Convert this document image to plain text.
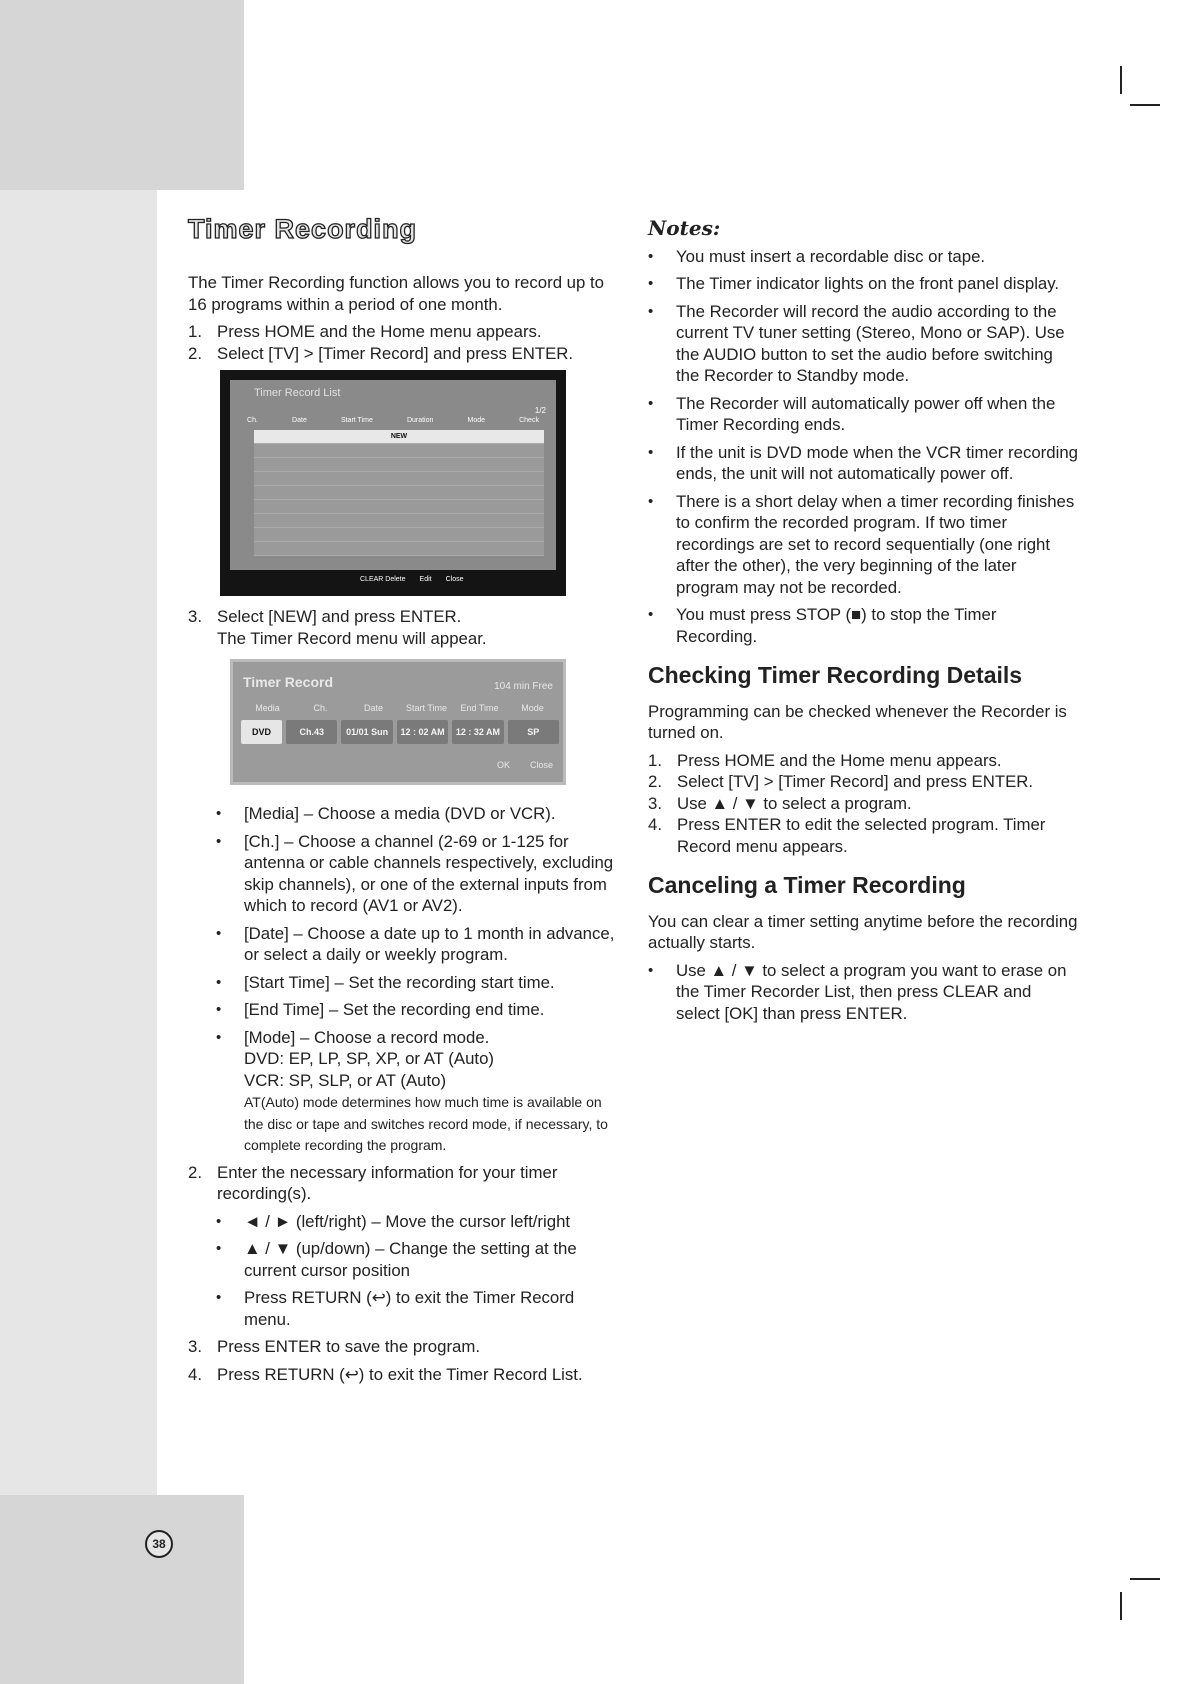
Timer Recording

The Timer Recording function allows you to record up to 16 programs within a period of one month.

1. Press HOME and the Home menu appears.
2. Select [TV] > [Timer Record] and press ENTER.
Timer Record List
1/2
Ch.	Date	Start Time	Duration	Mode	Check
NEW
CLEAR Delete Edit Close
3. Select [NEW] and press ENTER.
The Timer Record menu will appear.
Timer Record	104 min Free
Media	Ch.	Date	Start Time	End Time	Mode
DVD	Ch.43	01/01 Sun	12 : 02 AM	12 : 32 AM	SP
OK Close
•	[Media] – Choose a media (DVD or VCR).
•	[Ch.] – Choose a channel (2-69 or 1-125 for antenna or cable channels respectively, excluding skip channels), or one of the external inputs from which to record (AV1 or AV2).
•	[Date] – Choose a date up to 1 month in advance, or select a daily or weekly program.
•	[Start Time] – Set the recording start time.
•	[End Time] – Set the recording end time.
•	[Mode] – Choose a record mode.
DVD: EP, LP, SP, XP, or AT (Auto)
VCR: SP, SLP, or AT (Auto)
AT(Auto) mode determines how much time is available on the disc or tape and switches record mode, if necessary, to complete recording the program.
2. Enter the necessary information for your timer recording(s).
•	◄ / ► (left/right) – Move the cursor left/right
•	▲ / ▼ (up/down) – Change the setting at the current cursor position
•	Press RETURN (↩) to exit the Timer Record menu.
3. Press ENTER to save the program.
4. Press RETURN (↩) to exit the Timer Record List.
Notes:
•	You must insert a recordable disc or tape.
•	The Timer indicator lights on the front panel display.
•	The Recorder will record the audio according to the current TV tuner setting (Stereo, Mono or SAP). Use the AUDIO button to set the audio before switching the Recorder to Standby mode.
•	The Recorder will automatically power off when the Timer Recording ends.
•	If the unit is DVD mode when the VCR timer recording ends, the unit will not automatically power off.
•	There is a short delay when a timer recording finishes to confirm the recorded program. If two timer recordings are set to record sequentially (one right after the other), the very beginning of the later program may not be recorded.
•	You must press STOP (■) to stop the Timer Recording.
Checking Timer Recording Details

Programming can be checked whenever the Recorder is turned on.

1. Press HOME and the Home menu appears.
2. Select [TV] > [Timer Record] and press ENTER.
3. Use ▲ / ▼ to select a program.
4. Press ENTER to edit the selected program. Timer Record menu appears.
Canceling a Timer Recording

You can clear a timer setting anytime before the recording actually starts.

•	Use ▲ / ▼ to select a program you want to erase on the Timer Recorder List, then press CLEAR and select [OK] than press ENTER.
38
